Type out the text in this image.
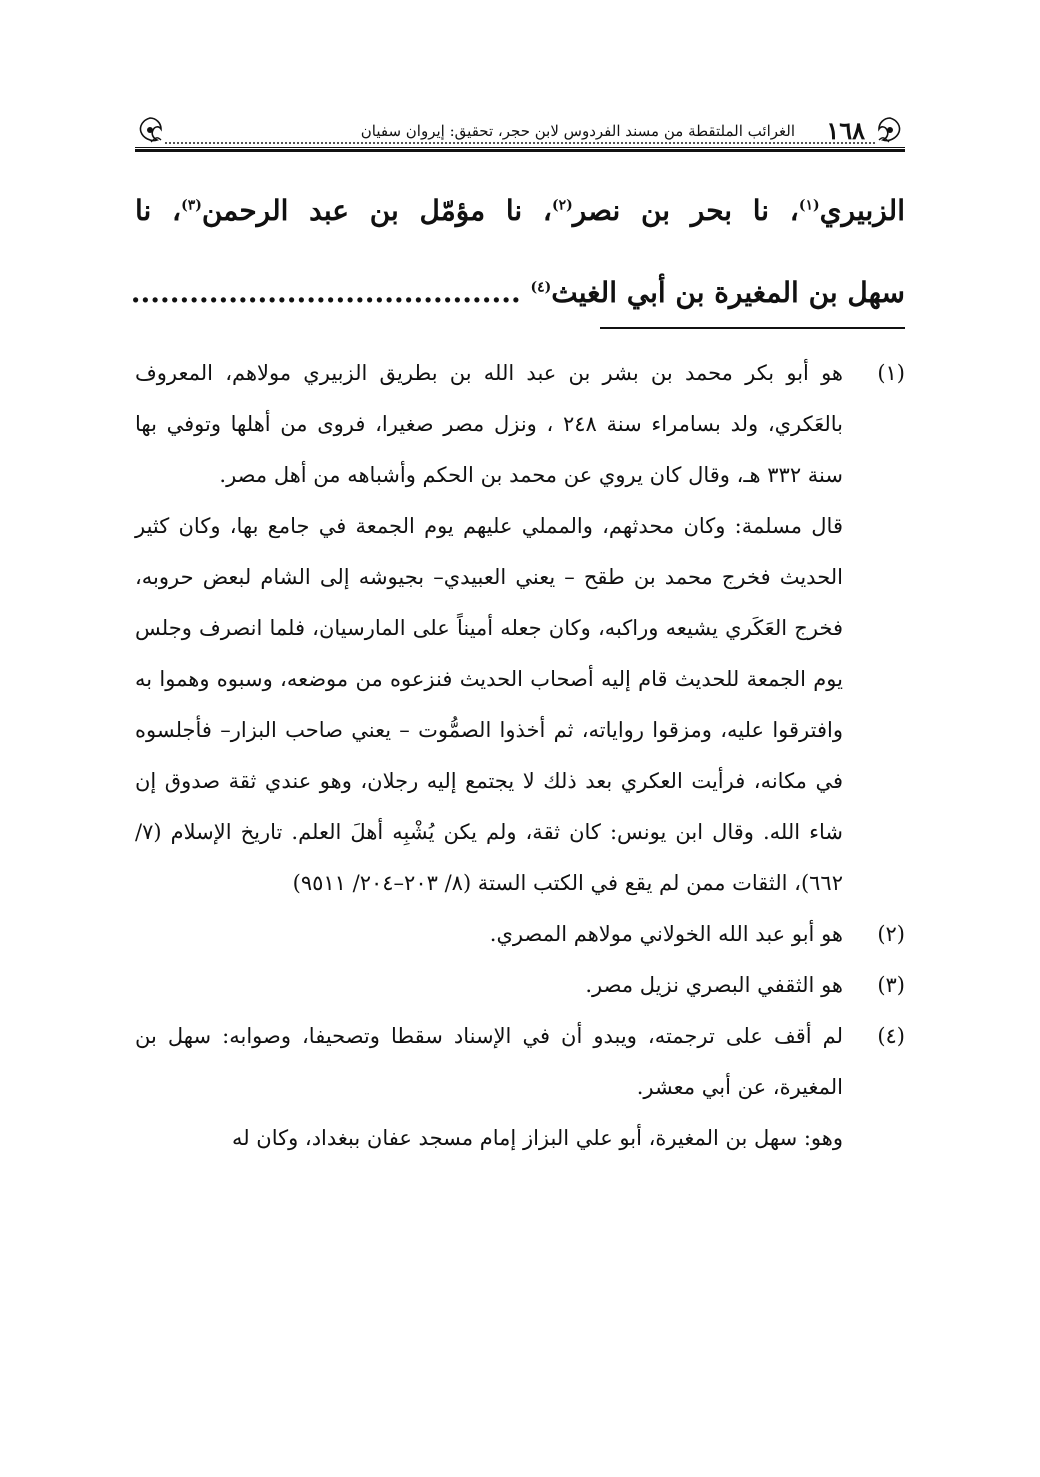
١٦٨
الغرائب الملتقطة من مسند الفردوس لابن حجر، تحقيق: إيروان سفيان
الزبيري$^{(١)}$، نا بحر بن نصر$^{(٢)}$، نا مؤمّل بن عبد الرحمن$^{(٣)}$، نا
سهل بن المغيرة بن أبي الغيث$^{(٤)}$ ........................................
(١)
هو أبو بكر محمد بن بشر بن عبد الله بن بطريق الزبيري مولاهم، المعروف بالعَكري، ولد بسامراء سنة ٢٤٨ ، ونزل مصر صغيرا، فروى من أهلها وتوفي بها سنة ٣٣٢ هـ، وقال كان يروي عن محمد بن الحكم وأشباهه من أهل مصر.
قال مسلمة: وكان محدثهم، والمملي عليهم يوم الجمعة في جامع بها، وكان كثير الحديث فخرج محمد بن طقح – يعني العبيدي– بجيوشه إلى الشام لبعض حروبه، فخرج العَكَري يشيعه وراكبه، وكان جعله أميناً على المارسيان، فلما انصرف وجلس يوم الجمعة للحديث قام إليه أصحاب الحديث فنزعوه من موضعه، وسبوه وهموا به وافترقوا عليه، ومزقوا رواياته، ثم أخذوا الصمُّوت – يعني صاحب البزار– فأجلسوه في مكانه، فرأيت العكري بعد ذلك لا يجتمع إليه رجلان، وهو عندي ثقة صدوق إن شاء الله. وقال ابن يونس: كان ثقة، ولم يكن يُشْبِه أهلَ العلم. تاريخ الإسلام (٧/ ٦٦٢)، الثقات ممن لم يقع في الكتب الستة (٨/ ٢٠٣–٢٠٤/ ٩٥١١)
(٢)
هو أبو عبد الله الخولاني مولاهم المصري.
(٣)
هو الثقفي البصري نزيل مصر.
(٤)
لم أقف على ترجمته، ويبدو أن في الإسناد سقطا وتصحيفا، وصوابه: سهل بن المغيرة، عن أبي معشر.
وهو: سهل بن المغيرة، أبو علي البزاز إمام مسجد عفان ببغداد، وكان له
